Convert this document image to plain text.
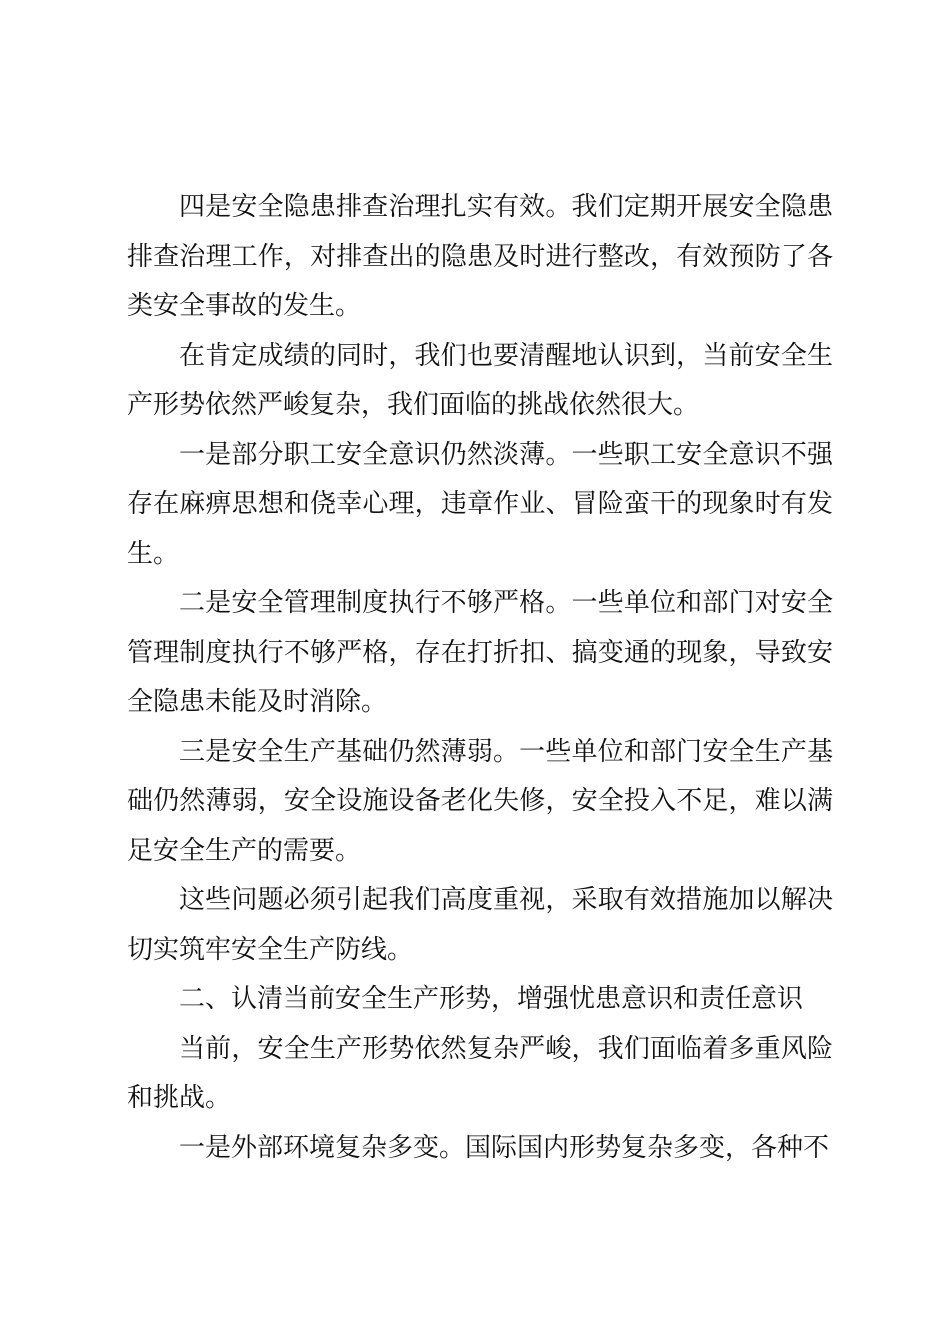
四是安全隐患排查治理扎实有效。我们定期开展安全隐患排查治理工作，对排查出的隐患及时进行整改，有效预防了各类安全事故的发生。

在肯定成绩的同时，我们也要清醒地认识到，当前安全生产形势依然严峻复杂，我们面临的挑战依然很大。

一是部分职工安全意识仍然淡薄。一些职工安全意识不强存在麻痹思想和侥幸心理，违章作业、冒险蛮干的现象时有发生。

二是安全管理制度执行不够严格。一些单位和部门对安全管理制度执行不够严格，存在打折扣、搞变通的现象，导致安全隐患未能及时消除。

三是安全生产基础仍然薄弱。一些单位和部门安全生产基础仍然薄弱，安全设施设备老化失修，安全投入不足，难以满足安全生产的需要。

这些问题必须引起我们高度重视，采取有效措施加以解决切实筑牢安全生产防线。

二、认清当前安全生产形势，增强忧患意识和责任意识

当前，安全生产形势依然复杂严峻，我们面临着多重风险和挑战。

一是外部环境复杂多变。国际国内形势复杂多变，各种不
